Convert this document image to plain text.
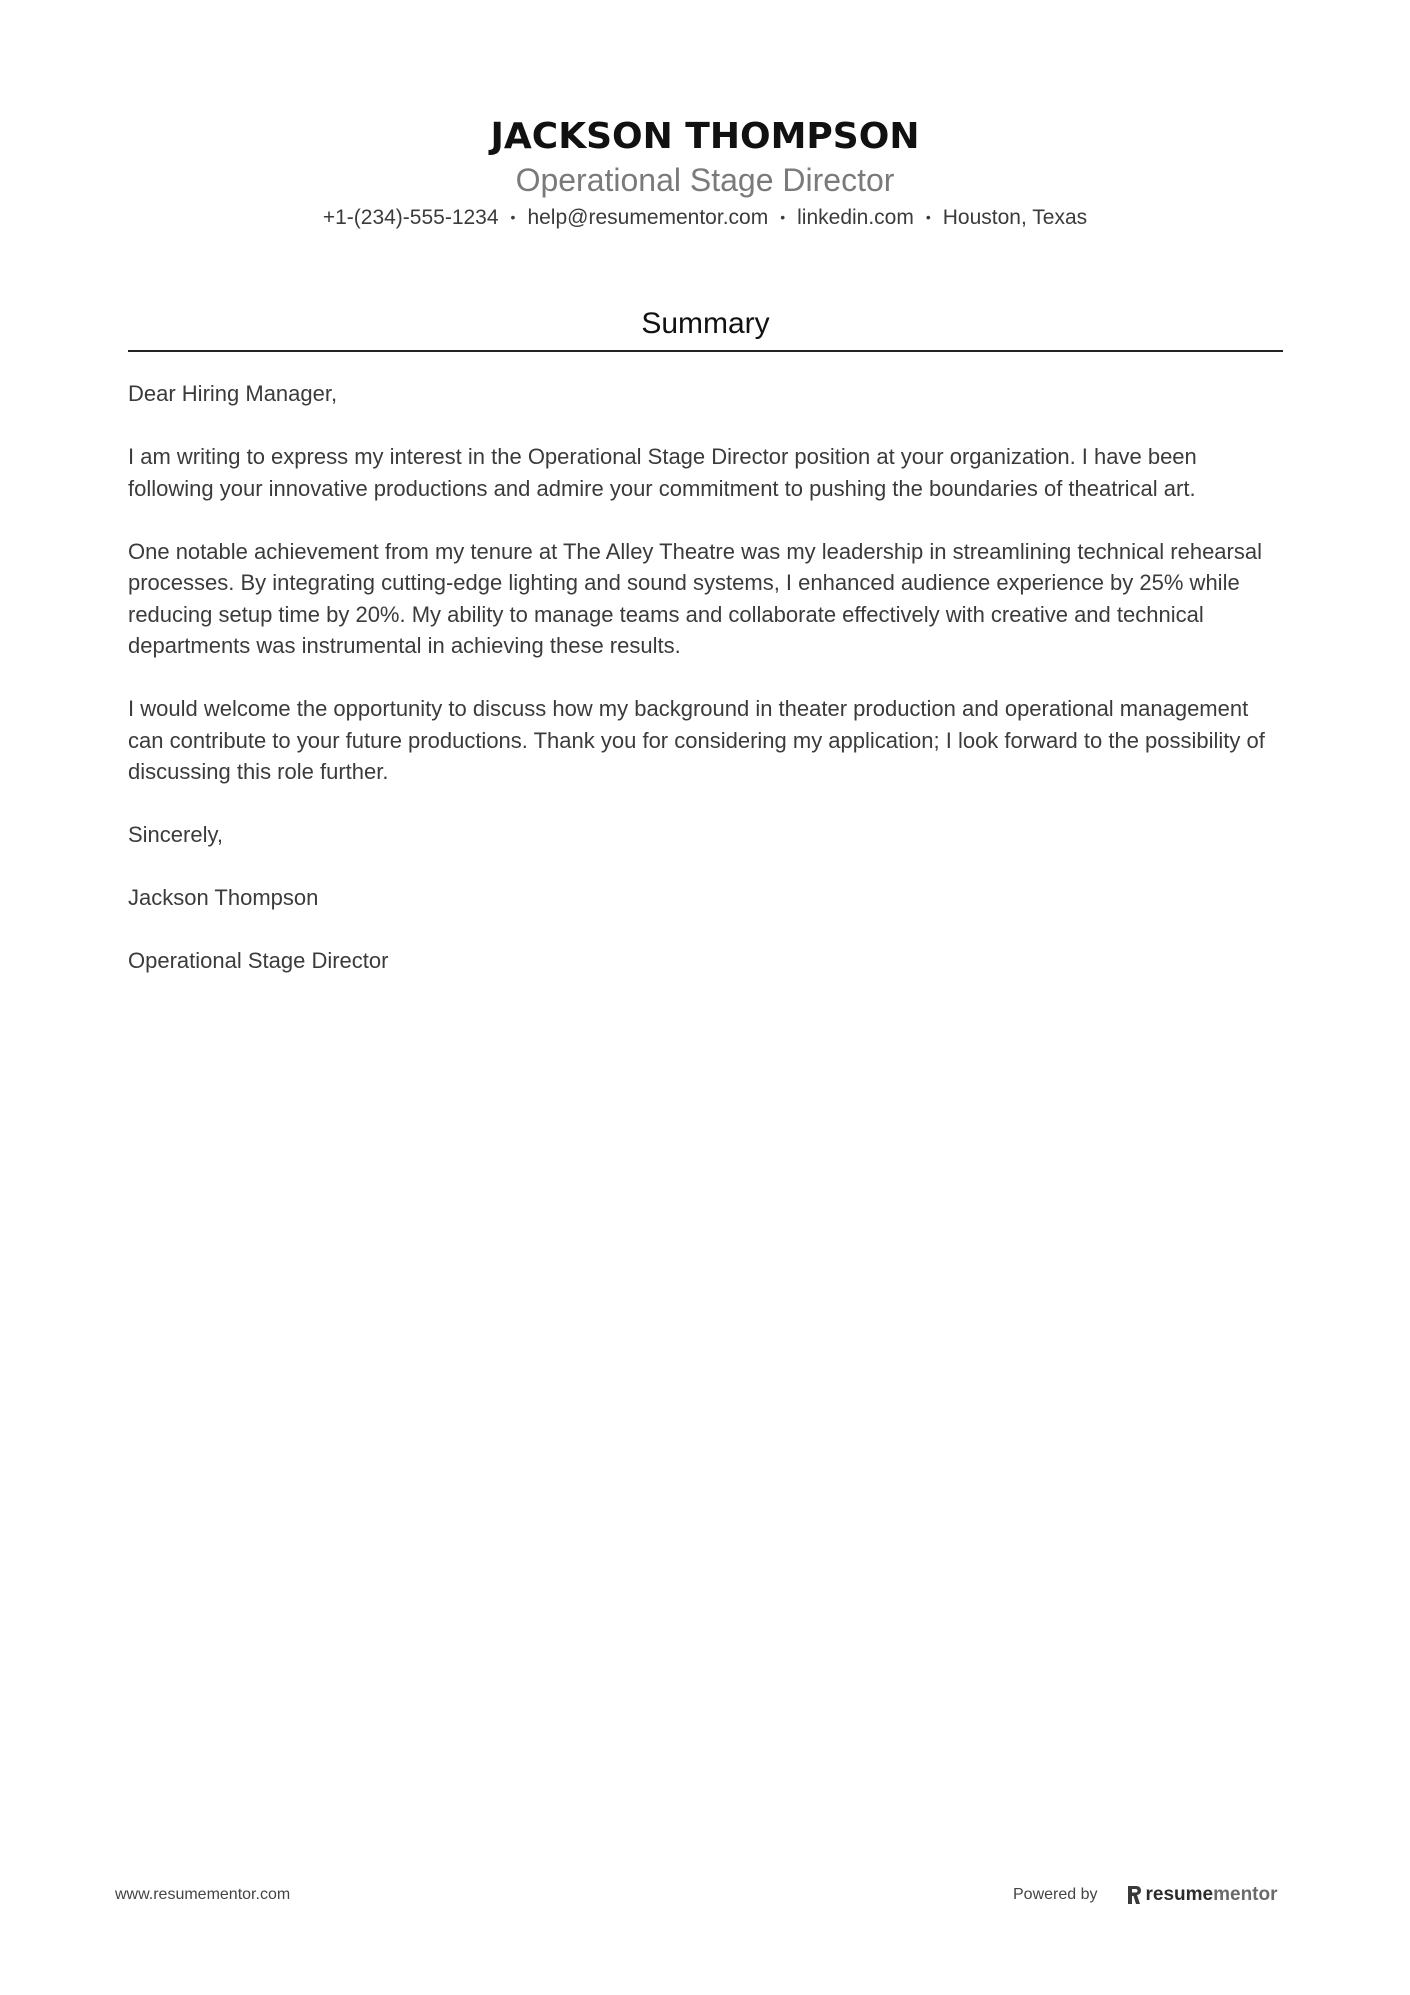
JACKSON THOMPSON
Operational Stage Director
+1-(234)-555-1234 • help@resumementor.com • linkedin.com • Houston, Texas
Summary

Dear Hiring Manager,

I am writing to express my interest in the Operational Stage Director position at your organization. I have been following your innovative productions and admire your commitment to pushing the boundaries of theatrical art.

One notable achievement from my tenure at The Alley Theatre was my leadership in streamlining technical rehearsal processes. By integrating cutting-edge lighting and sound systems, I enhanced audience experience by 25% while reducing setup time by 20%. My ability to manage teams and collaborate effectively with creative and technical departments was instrumental in achieving these results.

I would welcome the opportunity to discuss how my background in theater production and operational management can contribute to your future productions. Thank you for considering my application; I look forward to the possibility of discussing this role further.

Sincerely,

Jackson Thompson

Operational Stage Director

www.resumementor.com	Powered by	resume mentor
